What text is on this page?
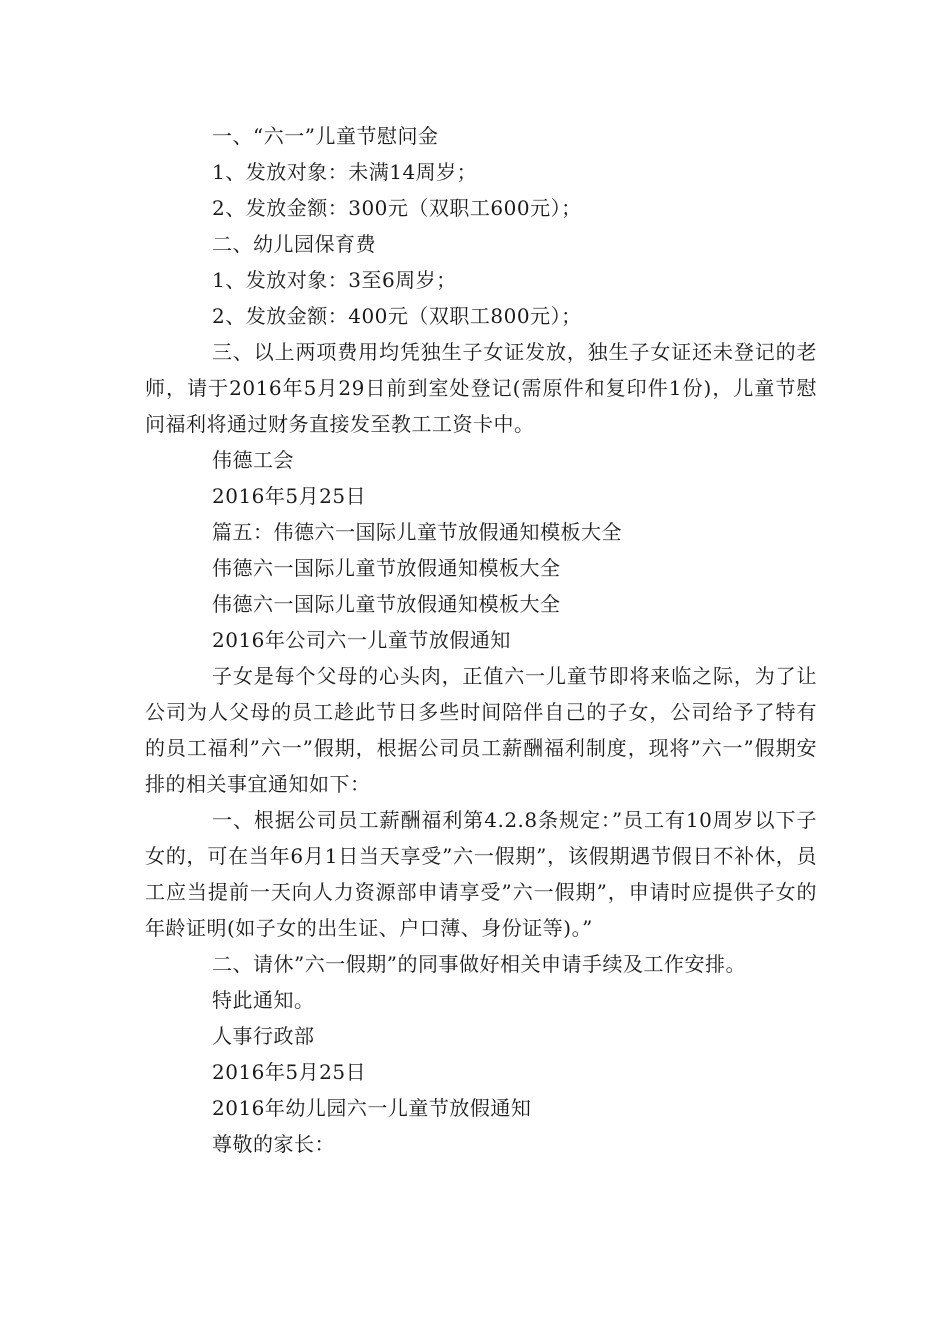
一、“六一”儿童节慰问金
1、发放对象：未满14周岁；
2、发放金额：300元（双职工600元）；
二、幼儿园保育费
1、发放对象：3至6周岁；
2、发放金额：400元（双职工800元）；
三、以上两项费用均凭独生子女证发放，独生子女证还未登记的老师，请于2016年5月29日前到室处登记(需原件和复印件1份)，儿童节慰问福利将通过财务直接发至教工工资卡中。
伟德工会
2016年5月25日
篇五：伟德六一国际儿童节放假通知模板大全
伟德六一国际儿童节放假通知模板大全
伟德六一国际儿童节放假通知模板大全
2016年公司六一儿童节放假通知
子女是每个父母的心头肉，正值六一儿童节即将来临之际，为了让公司为人父母的员工趁此节日多些时间陪伴自己的子女，公司给予了特有的员工福利”六一”假期，根据公司员工薪酬福利制度，现将”六一”假期安排的相关事宜通知如下：
一、根据公司员工薪酬福利第4.2.8条规定：”员工有10周岁以下子女的，可在当年6月1日当天享受”六一假期”，该假期遇节假日不补休，员工应当提前一天向人力资源部申请享受”六一假期”，申请时应提供子女的年龄证明(如子女的出生证、户口薄、身份证等)。”
二、请休”六一假期”的同事做好相关申请手续及工作安排。
特此通知。
人事行政部
2016年5月25日
2016年幼儿园六一儿童节放假通知
尊敬的家长：
